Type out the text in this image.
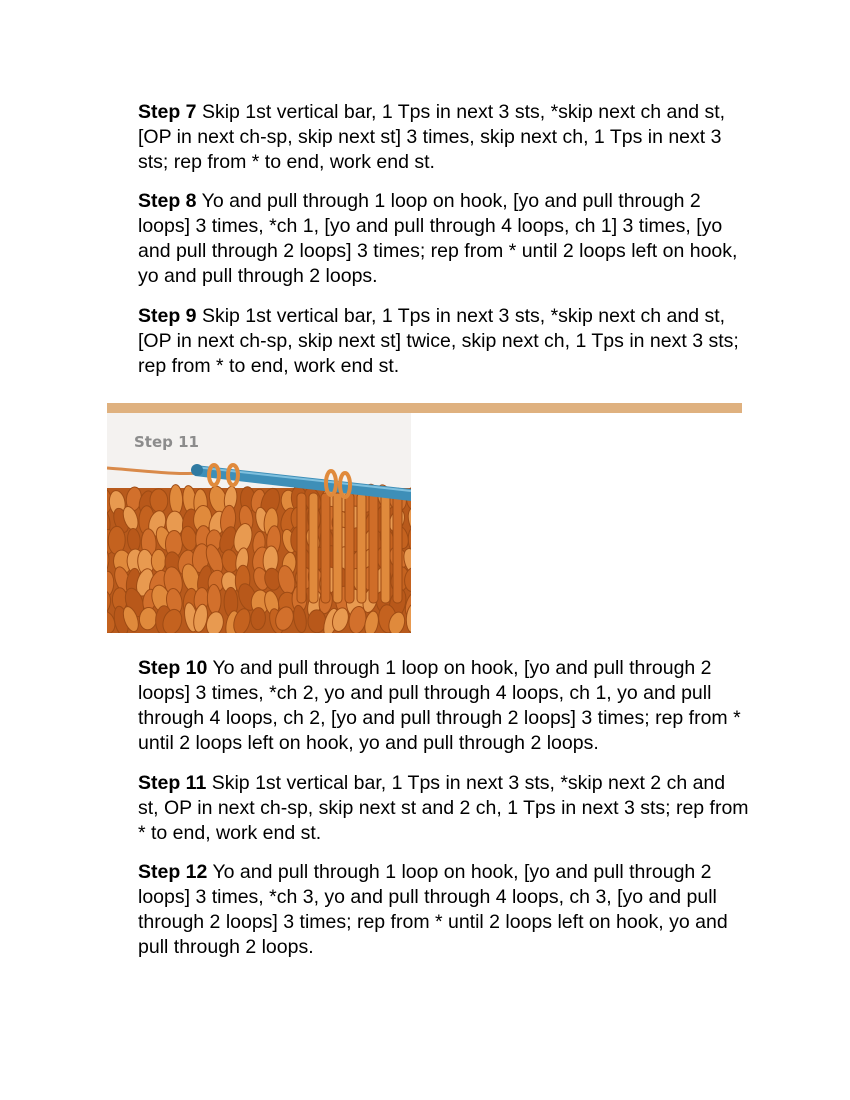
Step 7 Skip 1st vertical bar, 1 Tps in next 3 sts, *skip next ch and st, [OP in next ch-sp, skip next st] 3 times, skip next ch, 1 Tps in next 3 sts; rep from * to end, work end st.

Step 8 Yo and pull through 1 loop on hook, [yo and pull through 2 loops] 3 times, *ch 1, [yo and pull through 4 loops, ch 1] 3 times, [yo and pull through 2 loops] 3 times; rep from * until 2 loops left on hook, yo and pull through 2 loops.

Step 9 Skip 1st vertical bar, 1 Tps in next 3 sts, *skip next ch and st, [OP in next ch-sp, skip next st] twice, skip next ch, 1 Tps in next 3 sts; rep from * to end, work end st.

Step 11

Step 10 Yo and pull through 1 loop on hook, [yo and pull through 2 loops] 3 times, *ch 2, yo and pull through 4 loops, ch 1, yo and pull through 4 loops, ch 2, [yo and pull through 2 loops] 3 times; rep from * until 2 loops left on hook, yo and pull through 2 loops.

Step 11 Skip 1st vertical bar, 1 Tps in next 3 sts, *skip next 2 ch and st, OP in next ch-sp, skip next st and 2 ch, 1 Tps in next 3 sts; rep from * to end, work end st.

Step 12 Yo and pull through 1 loop on hook, [yo and pull through 2 loops] 3 times, *ch 3, yo and pull through 4 loops, ch 3, [yo and pull through 2 loops] 3 times; rep from * until 2 loops left on hook, yo and pull through 2 loops.
